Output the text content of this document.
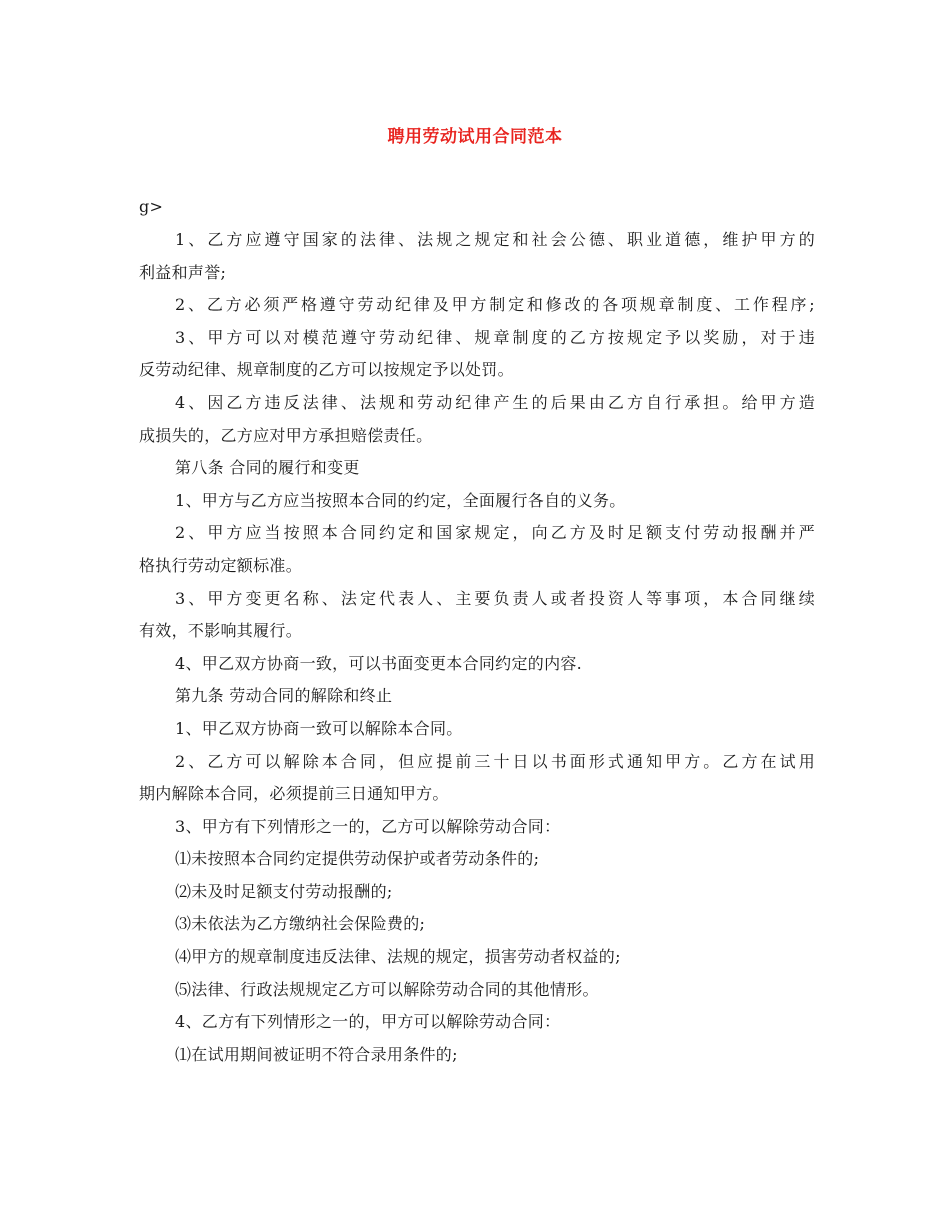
聘用劳动试用合同范本
g>
1、乙方应遵守国家的法律、法规之规定和社会公德、职业道德，维护甲方的
利益和声誉;
2、乙方必须严格遵守劳动纪律及甲方制定和修改的各项规章制度、工作程序;
3、甲方可以对模范遵守劳动纪律、规章制度的乙方按规定予以奖励，对于违
反劳动纪律、规章制度的乙方可以按规定予以处罚。
4、因乙方违反法律、法规和劳动纪律产生的后果由乙方自行承担。给甲方造
成损失的，乙方应对甲方承担赔偿责任。
第八条 合同的履行和变更
1、甲方与乙方应当按照本合同的约定，全面履行各自的义务。
2、甲方应当按照本合同约定和国家规定，向乙方及时足额支付劳动报酬并严
格执行劳动定额标准。
3、甲方变更名称、法定代表人、主要负责人或者投资人等事项，本合同继续
有效，不影响其履行。
4、甲乙双方协商一致，可以书面变更本合同约定的内容.
第九条 劳动合同的解除和终止
1、甲乙双方协商一致可以解除本合同。
2、乙方可以解除本合同，但应提前三十日以书面形式通知甲方。乙方在试用
期内解除本合同，必须提前三日通知甲方。
3、甲方有下列情形之一的，乙方可以解除劳动合同：
⑴未按照本合同约定提供劳动保护或者劳动条件的;
⑵未及时足额支付劳动报酬的;
⑶未依法为乙方缴纳社会保险费的;
⑷甲方的规章制度违反法律、法规的规定，损害劳动者权益的;
⑸法律、行政法规规定乙方可以解除劳动合同的其他情形。
4、乙方有下列情形之一的，甲方可以解除劳动合同：
⑴在试用期间被证明不符合录用条件的;
